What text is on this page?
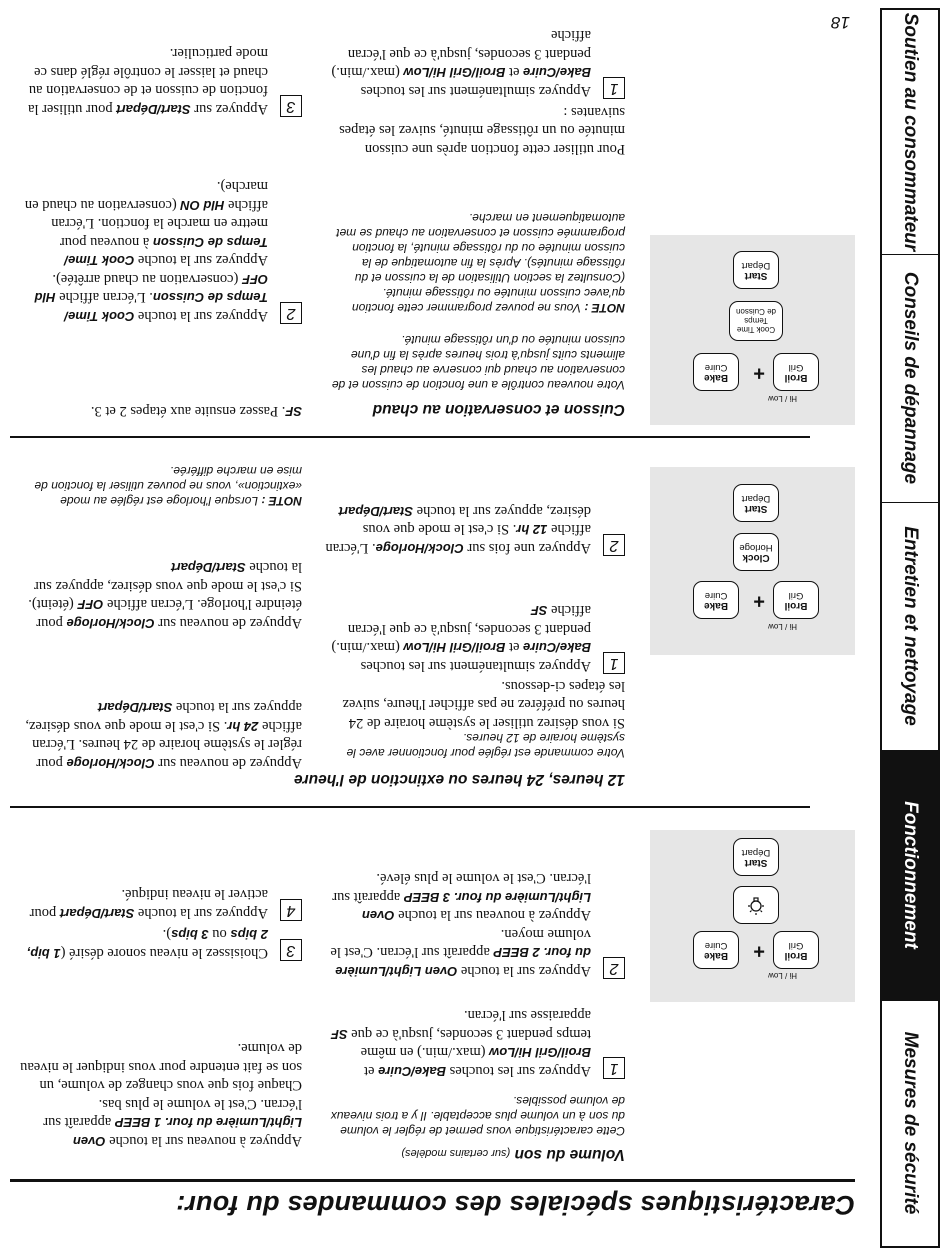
Mesures de sécurité
Fonctionnement
Entretien et nettoyage
Conseils de dépannage
Soutien au consommateur
Caractéristiques spéciales des commandes du four:
Volume du son (sur certains modèles)
Cette caractéristique vous permet de régler le volume du son à un volume plus acceptable. Il y a trois niveaux de volume possibles.
Hi / Low
Broil
Gril
+
Bake
Cuire
Start
Départ
1
Appuyez sur les touches Bake/Cuire et Broil/Gril Hi/Low (max./min.) en même temps pendant 3 secondes, jusqu'à ce que SF apparaisse sur l'écran.
2
Appuyez sur la touche Oven Light/Lumière du four. 2 BEEP apparaît sur l'écran. C'est le volume moyen.
Appuyez à nouveau sur la touche Oven Light/Lumière du four. 3 BEEP apparaît sur l'écran. C'est le volume le plus élevé.
Appuyez à nouveau sur la touche Oven Light/Lumière du four. 1 BEEP apparaît sur l'écran. C'est le volume le plus bas.
Chaque fois que vous changez de volume, un son se fait entendre pour vous indiquer le niveau de volume.
3
Choisissez le niveau sonore désiré (1 bip, 2 bips ou 3 bips).
4
Appuyez sur la touche Start/Départ pour activer le niveau indiqué.
12 heures, 24 heures ou extinction de l'heure
Votre commande est réglée pour fonctionner avec le système horaire de 12 heures.
Hi / Low
Broil
Gril
+
Bake
Cuire
Clock
Horloge
Start
Départ
Si vous désirez utiliser le système horaire de 24 heures ou préférez ne pas afficher l'heure, suivez les étapes ci-dessous.
1
Appuyez simultanément sur les touches Bake/Cuire et Broil/Gril Hi/Low (max./min.) pendant 3 secondes, jusqu'à ce que l'écran affiche SF
2
Appuyez une fois sur Clock/Horloge. L'écran affiche 12 hr. Si c'est le mode que vous désirez, appuyez sur la touche Start/Départ
Appuyez de nouveau sur Clock/Horloge pour régler le système horaire de 24 heures. L'écran affiche 24 hr. Si c'est le mode que vous désirez, appuyez sur la touche Start/Départ
Appuyez de nouveau sur Clock/Horloge pour éteindre l'horloge. L'écran affiche OFF (éteint). Si c'est le mode que vous désirez, appuyez sur la touche Start/Départ
NOTE : Lorsque l'horloge est réglée au mode «extinction», vous ne pouvez utiliser la fonction de mise en marche différée.
Cuisson et conservation au chaud
Votre nouveau contrôle a une fonction de cuisson et de conservation au chaud qui conserve au chaud les aliments cuits jusqu'à trois heures après la fin d'une cuisson minutée ou d'un rôtissage minuté.
Hi / Low
Broil
Gril
+
Bake
Cuire
Cook Time
Temps
de Cuisson
Start
Départ
NOTE : Vous ne pouvez programmer cette fonction qu'avec cuisson minutée ou rôtissage minuté. (Consultez la section Utilisation de la cuisson et du rôtissage minutés). Après la fin automatique de la cuisson minutée ou du rôtissage minuté, la fonction programmée cuisson et conservation au chaud se met automatiquement en marche.
Pour utiliser cette fonction après une cuisson minutée ou un rôtissage minuté, suivez les étapes suivantes :
1
Appuyez simultanément sur les touches Bake/Cuire et Broil/Gril Hi/Low (max./min.) pendant 3 secondes, jusqu'à ce que l'écran affiche
SF. Passez ensuite aux étapes 2 et 3.
2
Appuyez sur la touche Cook Time/ Temps de Cuisson. L'écran affiche Hld OFF (conservation au chaud arrêtée).
Appuyez sur la touche Cook Time/ Temps de Cuisson à nouveau pour mettre en marche la fonction. L'écran affiche Hld ON (conservation au chaud en marche).
3
Appuyez sur Start/Départ pour utiliser la fonction de cuisson et de conservation au chaud et laisser le contrôle réglé dans ce mode particulier.
18
